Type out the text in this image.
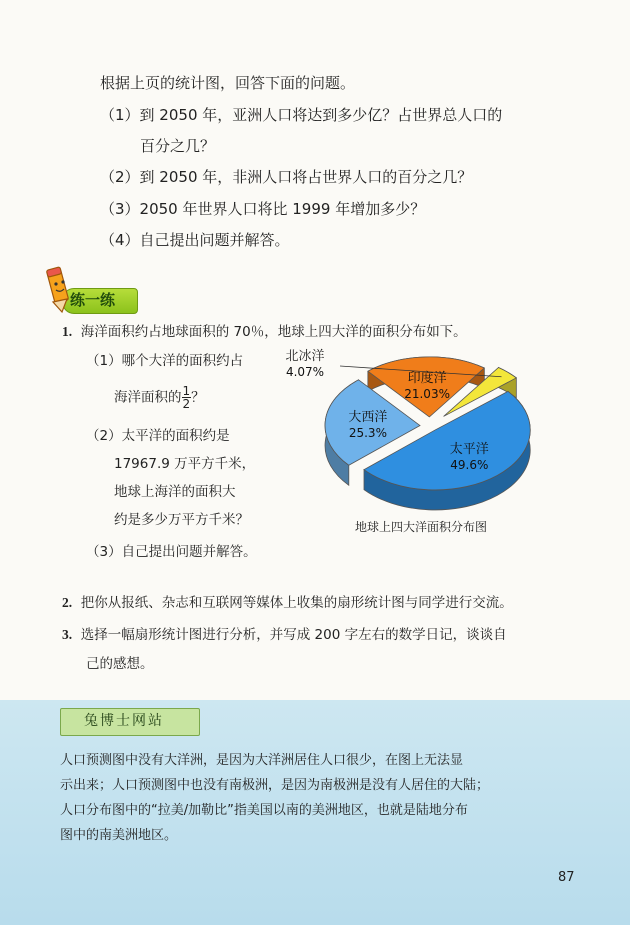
根据上页的统计图，回答下面的问题。
（1）到 2050 年，亚洲人口将达到多少亿？占世界总人口的
百分之几？
（2）到 2050 年，非洲人口将占世界人口的百分之几？
（3）2050 年世界人口将比 1999 年增加多少？
（4）自己提出问题并解答。
练一练
1. 海洋面积约占地球面积的 70％，地球上四大洋的面积分布如下。
（1）哪个大洋的面积约占
海洋面积的 $\frac{1}{2}$ ？
（2）太平洋的面积约是
17967.9 万平方千米，
地球上海洋的面积大
约是多少万平方千米？
（3）自己提出问题并解答。
太平洋
49.6%
大西洋
25.3%
印度洋
21.03%
北冰洋
4.07%
地球上四大洋面积分布图
2. 把你从报纸、杂志和互联网等媒体上收集的扇形统计图与同学进行交流。
3. 选择一幅扇形统计图进行分析，并写成 200 字左右的数学日记，谈谈自
己的感想。
兔博士网站
人口预测图中没有大洋洲，是因为大洋洲居住人口很少，在图上无法显
示出来；人口预测图中也没有南极洲，是因为南极洲是没有人居住的大陆；
人口分布图中的“拉美/加勒比”指美国以南的美洲地区，也就是陆地分布
图中的南美洲地区。
87
